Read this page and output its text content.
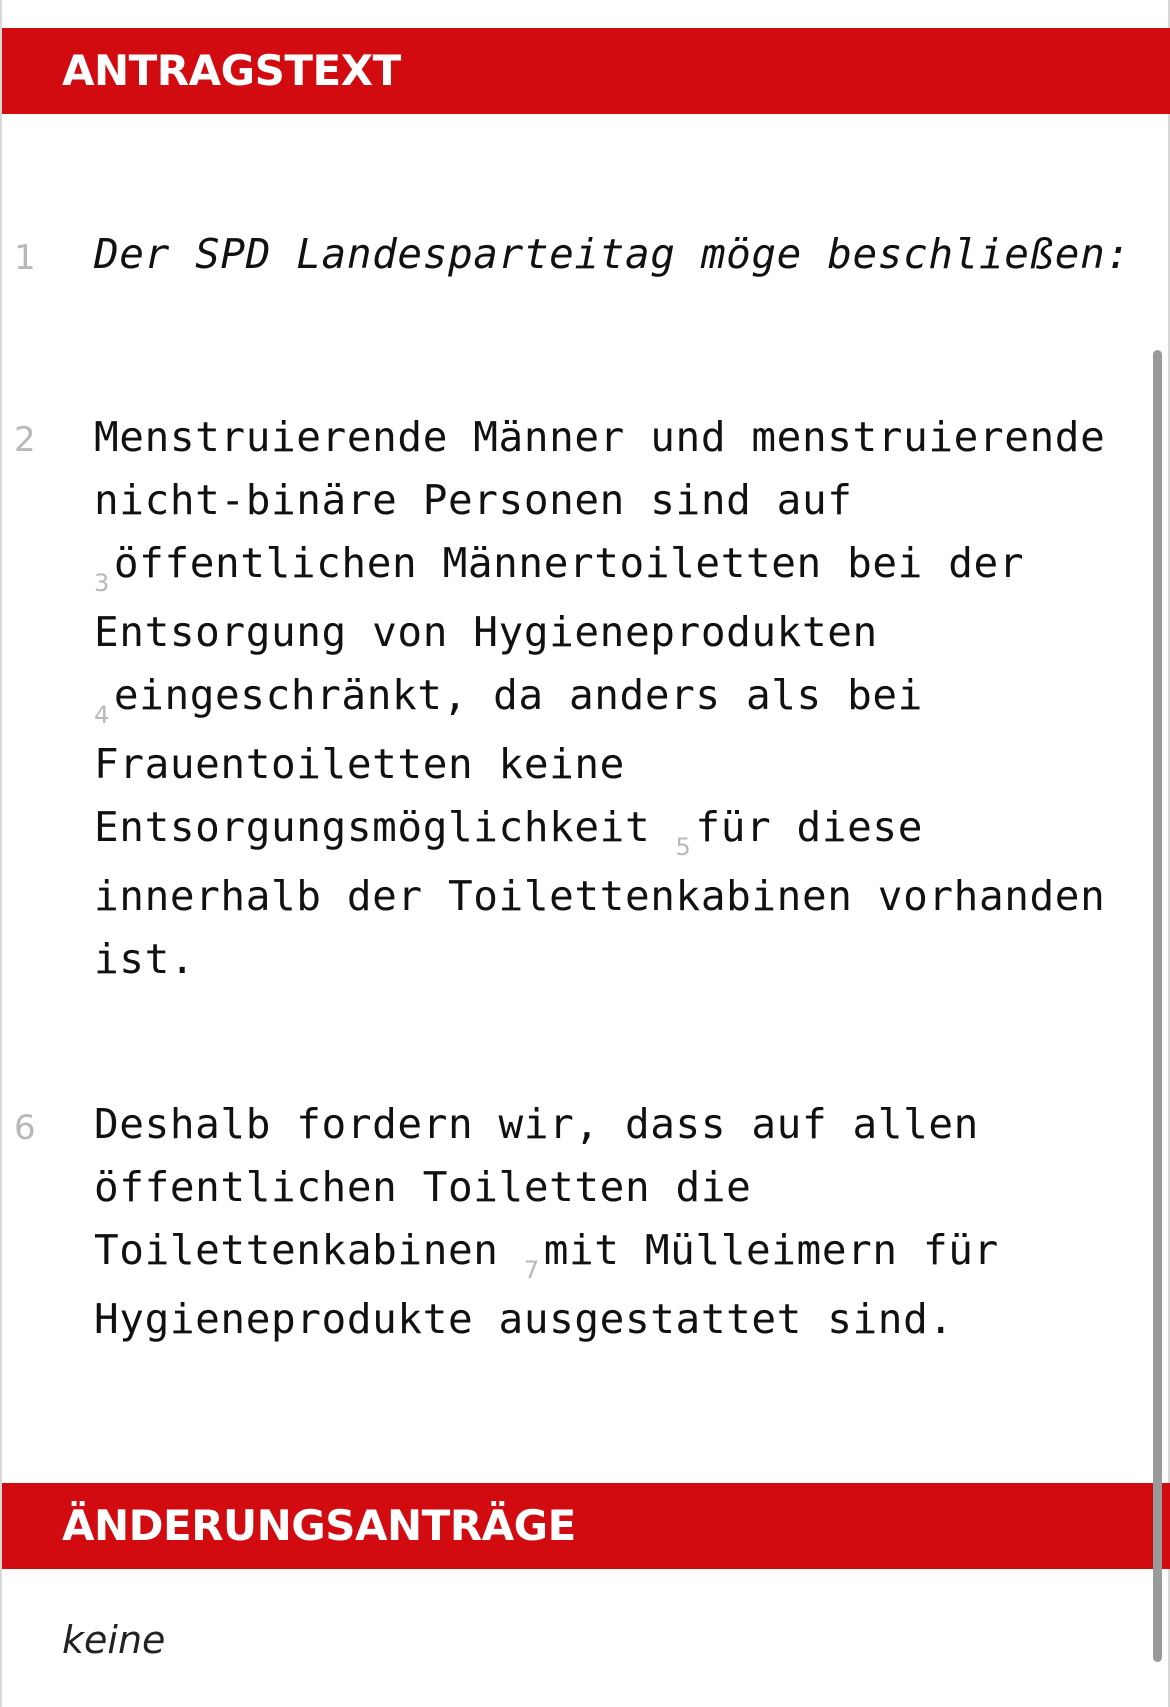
ANTRAGSTEXT
1 Der SPD Landesparteitag möge beschließen:
2 Menstruierende Männer und menstruierende
nicht-binäre Personen sind auf
$_3$öffentlichen Männertoiletten bei der
Entsorgung von Hygieneprodukten
$_4$eingeschränkt, da anders als bei
Frauentoiletten keine
Entsorgungsmöglichkeit $_5$für diese
innerhalb der Toilettenkabinen vorhanden
ist.
6 Deshalb fordern wir, dass auf allen
öffentlichen Toiletten die
Toilettenkabinen $_7$mit Mülleimern für
Hygieneprodukte ausgestattet sind.
ÄNDERUNGSANTRÄGE
keine
